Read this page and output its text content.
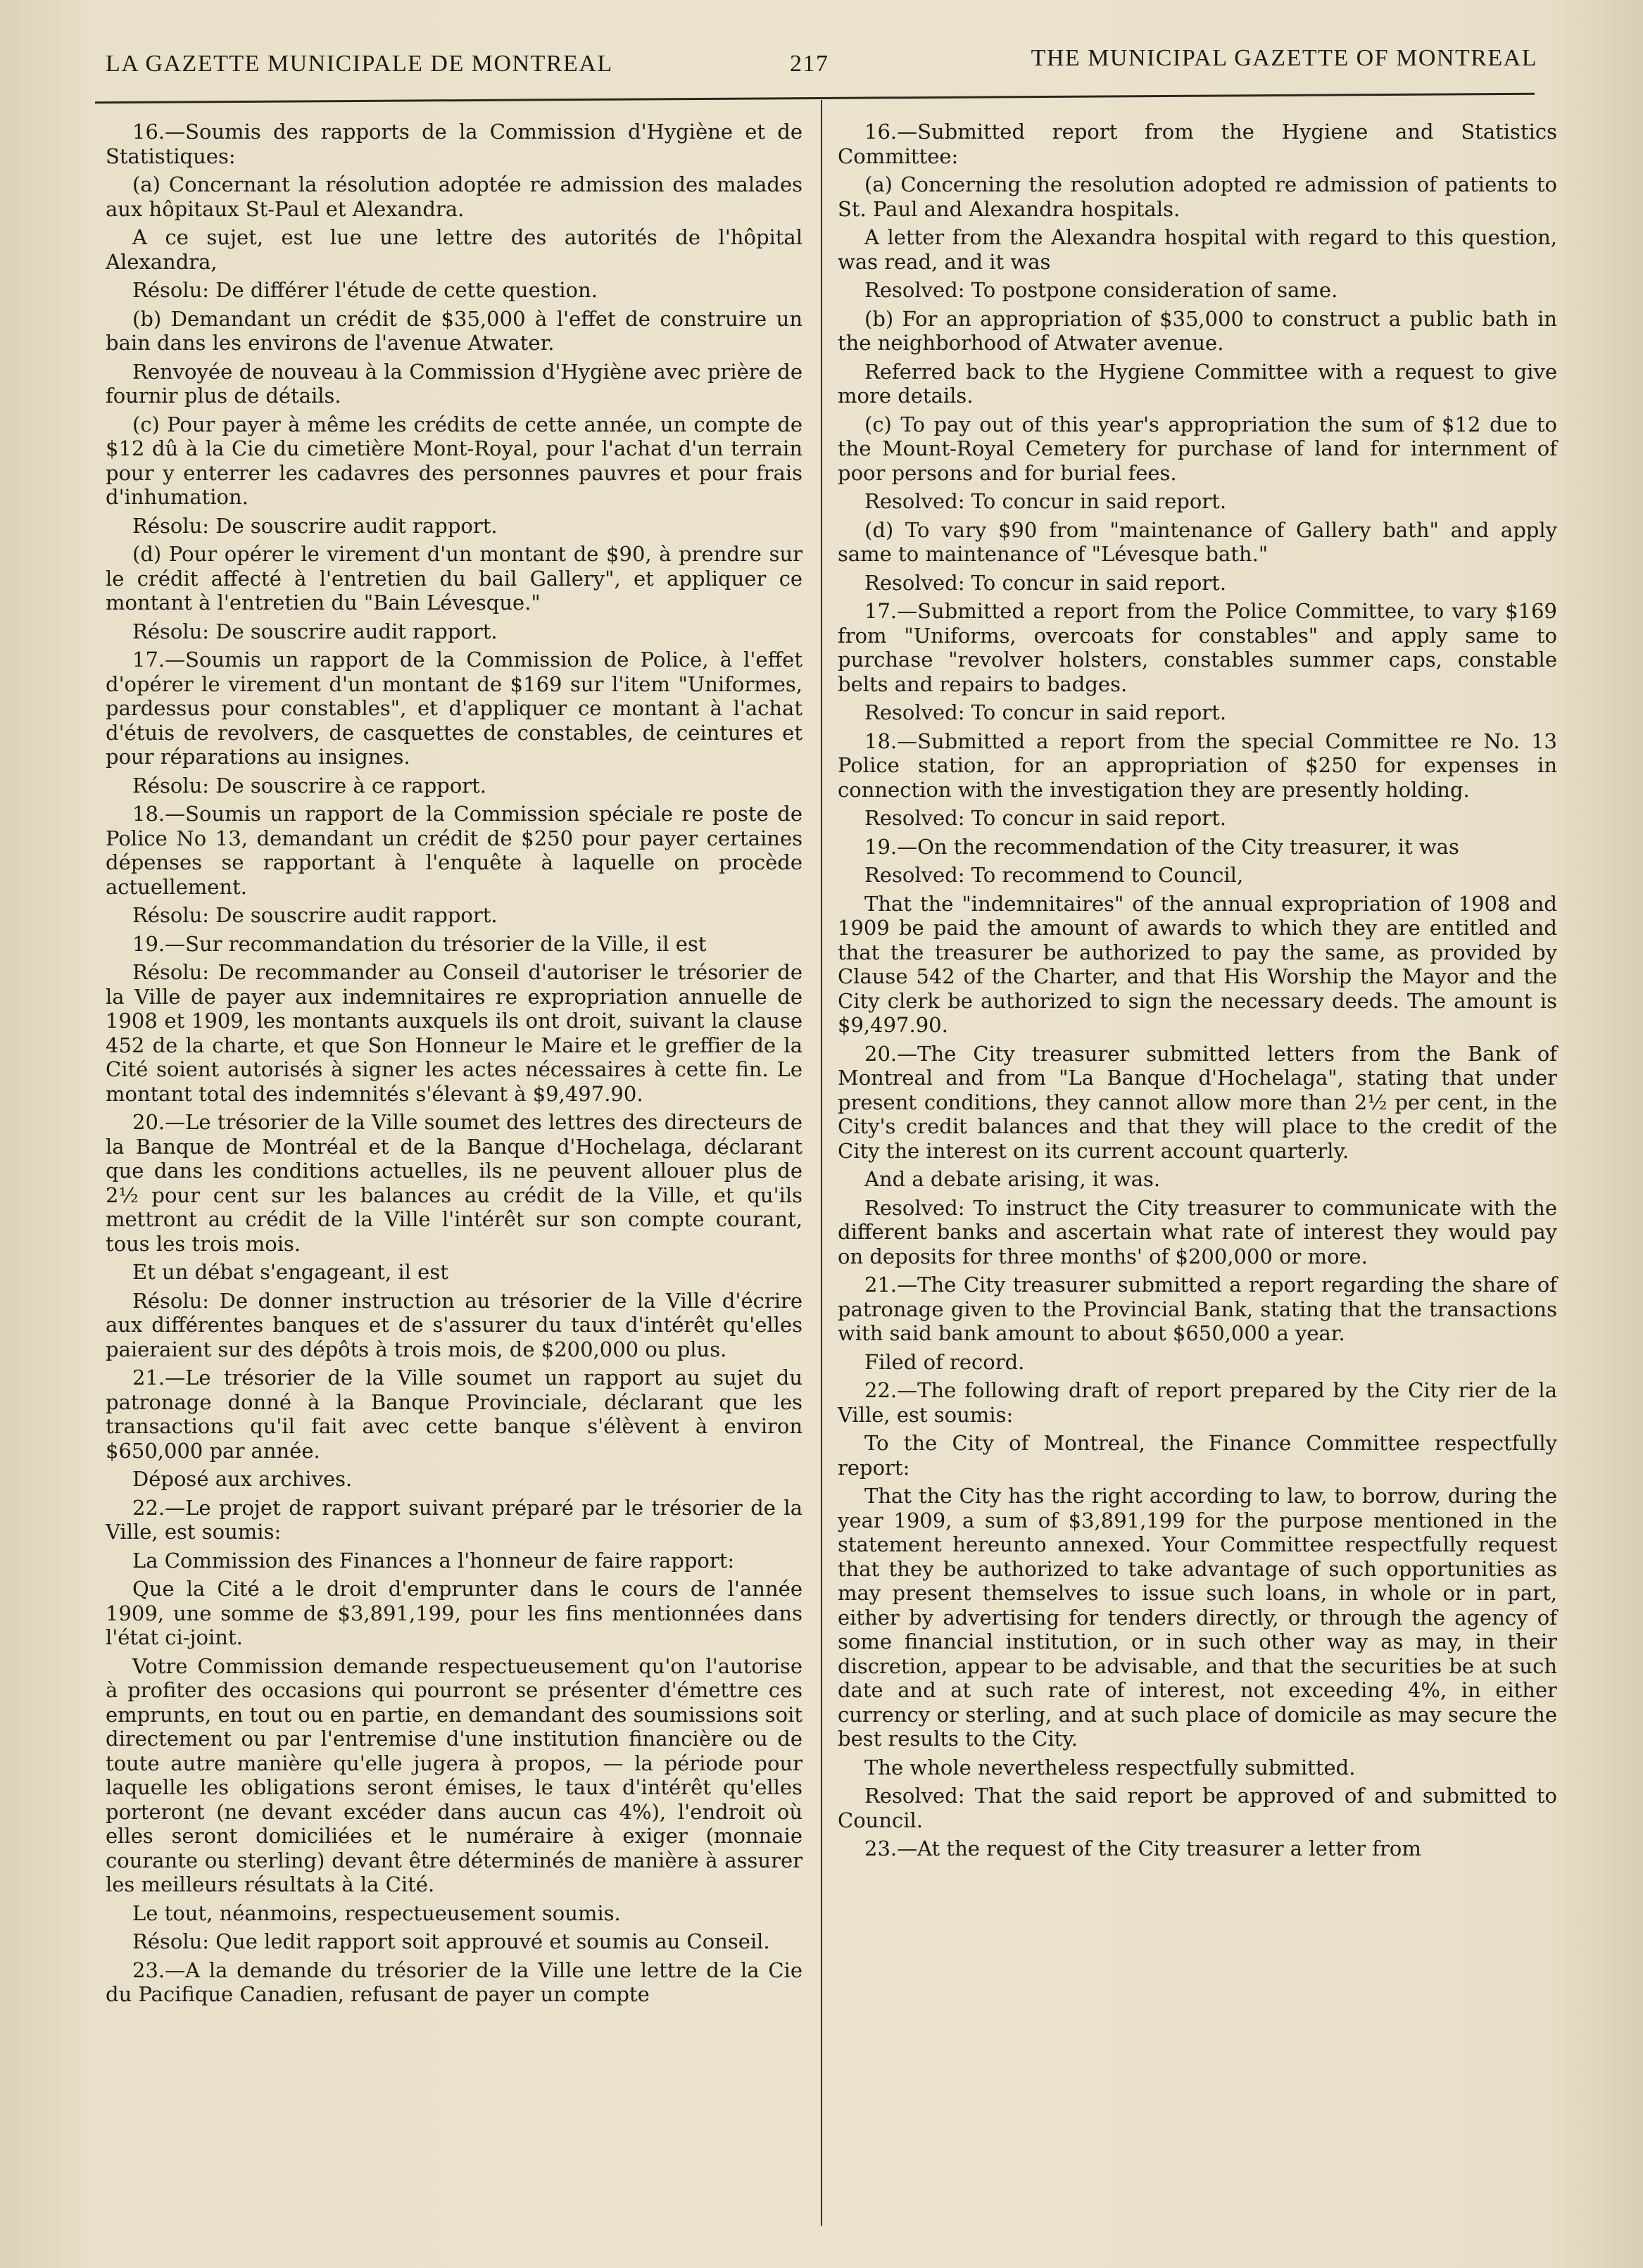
LA GAZETTE MUNICIPALE DE MONTREAL	217	THE MUNICIPAL GAZETTE OF MONTREAL

16.—Soumis des rapports de la Commission d'Hygiène et de Statistiques:

(a) Concernant la résolution adoptée re admission des malades aux hôpitaux St-Paul et Alexandra.

A ce sujet, est lue une lettre des autorités de l'hôpital Alexandra,

Résolu: De différer l'étude de cette question.

(b) Demandant un crédit de $35,000 à l'effet de construire un bain dans les environs de l'avenue Atwater.

Renvoyée de nouveau à la Commission d'Hygiène avec prière de fournir plus de détails.

(c) Pour payer à même les crédits de cette année, un compte de $12 dû à la Cie du cimetière Mont-Royal, pour l'achat d'un terrain pour y enterrer les cadavres des personnes pauvres et pour frais d'inhumation.

Résolu: De souscrire audit rapport.

(d) Pour opérer le virement d'un montant de $90, à prendre sur le crédit affecté à l'entretien du bail Gallery", et appliquer ce montant à l'entretien du "Bain Lévesque."

Résolu: De souscrire audit rapport.

17.—Soumis un rapport de la Commission de Police, à l'effet d'opérer le virement d'un montant de $169 sur l'item "Uniformes, pardessus pour constables", et d'appliquer ce montant à l'achat d'étuis de revolvers, de casquettes de constables, de ceintures et pour réparations au insignes.

Résolu: De souscrire à ce rapport.

18.—Soumis un rapport de la Commission spéciale re poste de Police No 13, demandant un crédit de $250 pour payer certaines dépenses se rapportant à l'enquête à laquelle on procède actuellement.

Résolu: De souscrire audit rapport.

19.—Sur recommandation du trésorier de la Ville, il est

Résolu: De recommander au Conseil d'autoriser le trésorier de la Ville de payer aux indemnitaires re expropriation annuelle de 1908 et 1909, les montants auxquels ils ont droit, suivant la clause 452 de la charte, et que Son Honneur le Maire et le greffier de la Cité soient autorisés à signer les actes nécessaires à cette fin. Le montant total des indemnités s'élevant à $9,497.90.

20.—Le trésorier de la Ville soumet des lettres des directeurs de la Banque de Montréal et de la Banque d'Hochelaga, déclarant que dans les conditions actuelles, ils ne peuvent allouer plus de 2½ pour cent sur les balances au crédit de la Ville, et qu'ils mettront au crédit de la Ville l'intérêt sur son compte courant, tous les trois mois.

Et un débat s'engageant, il est

Résolu: De donner instruction au trésorier de la Ville d'écrire aux différentes banques et de s'assurer du taux d'intérêt qu'elles paieraient sur des dépôts à trois mois, de $200,000 ou plus.

21.—Le trésorier de la Ville soumet un rapport au sujet du patronage donné à la Banque Provinciale, déclarant que les transactions qu'il fait avec cette banque s'élèvent à environ $650,000 par année.

Déposé aux archives.

22.—Le projet de rapport suivant préparé par le trésorier de la Ville, est soumis:

La Commission des Finances a l'honneur de faire rapport:

Que la Cité a le droit d'emprunter dans le cours de l'année 1909, une somme de $3,891,199, pour les fins mentionnées dans l'état ci-joint.

Votre Commission demande respectueusement qu'on l'autorise à profiter des occasions qui pourront se présenter d'émettre ces emprunts, en tout ou en partie, en demandant des soumissions soit directement ou par l'entremise d'une institution financière ou de toute autre manière qu'elle jugera à propos, — la période pour laquelle les obligations seront émises, le taux d'intérêt qu'elles porteront (ne devant excéder dans aucun cas 4%), l'endroit où elles seront domiciliées et le numéraire à exiger (monnaie courante ou sterling) devant être déterminés de manière à assurer les meilleurs résultats à la Cité.

Le tout, néanmoins, respectueusement soumis.

Résolu: Que ledit rapport soit approuvé et soumis au Conseil.

23.—A la demande du trésorier de la Ville une lettre de la Cie du Pacifique Canadien, refusant de payer un compte

16.—Submitted report from the Hygiene and Statistics Committee:

(a) Concerning the resolution adopted re admission of patients to St. Paul and Alexandra hospitals.

A letter from the Alexandra hospital with regard to this question, was read, and it was

Resolved: To postpone consideration of same.

(b) For an appropriation of $35,000 to construct a public bath in the neighborhood of Atwater avenue.

Referred back to the Hygiene Committee with a request to give more details.

(c) To pay out of this year's appropriation the sum of $12 due to the Mount-Royal Cemetery for purchase of land for internment of poor persons and for burial fees.

Resolved: To concur in said report.

(d) To vary $90 from "maintenance of Gallery bath" and apply same to maintenance of "Lévesque bath."

Resolved: To concur in said report.

17.—Submitted a report from the Police Committee, to vary $169 from "Uniforms, overcoats for constables" and apply same to purchase "revolver holsters, constables summer caps, constable belts and repairs to badges.

Resolved: To concur in said report.

18.—Submitted a report from the special Committee re No. 13 Police station, for an appropriation of $250 for expenses in connection with the investigation they are presently holding.

Resolved: To concur in said report.

19.—On the recommendation of the City treasurer, it was

Resolved: To recommend to Council,

That the "indemnitaires" of the annual expropriation of 1908 and 1909 be paid the amount of awards to which they are entitled and that the treasurer be authorized to pay the same, as provided by Clause 542 of the Charter, and that His Worship the Mayor and the City clerk be authorized to sign the necessary deeds. The amount is $9,497.90.

20.—The City treasurer submitted letters from the Bank of Montreal and from "La Banque d'Hochelaga", stating that under present conditions, they cannot allow more than 2½ per cent, in the City's credit balances and that they will place to the credit of the City the interest on its current account quarterly.

And a debate arising, it was.

Resolved: To instruct the City treasurer to communicate with the different banks and ascertain what rate of interest they would pay on deposits for three months' of $200,000 or more.

21.—The City treasurer submitted a report regarding the share of patronage given to the Provincial Bank, stating that the transactions with said bank amount to about $650,000 a year.

Filed of record.

22.—The following draft of report prepared by the City rier de la Ville, est soumis:

To the City of Montreal, the Finance Committee respectfully report:

That the City has the right according to law, to borrow, during the year 1909, a sum of $3,891,199 for the purpose mentioned in the statement hereunto annexed. Your Committee respectfully request that they be authorized to take advantage of such opportunities as may present themselves to issue such loans, in whole or in part, either by advertising for tenders directly, or through the agency of some financial institution, or in such other way as may, in their discretion, appear to be advisable, and that the securities be at such date and at such rate of interest, not exceeding 4%, in either currency or sterling, and at such place of domicile as may secure the best results to the City.

The whole nevertheless respectfully submitted.

Resolved: That the said report be approved of and submitted to Council.

23.—At the request of the City treasurer a letter from
